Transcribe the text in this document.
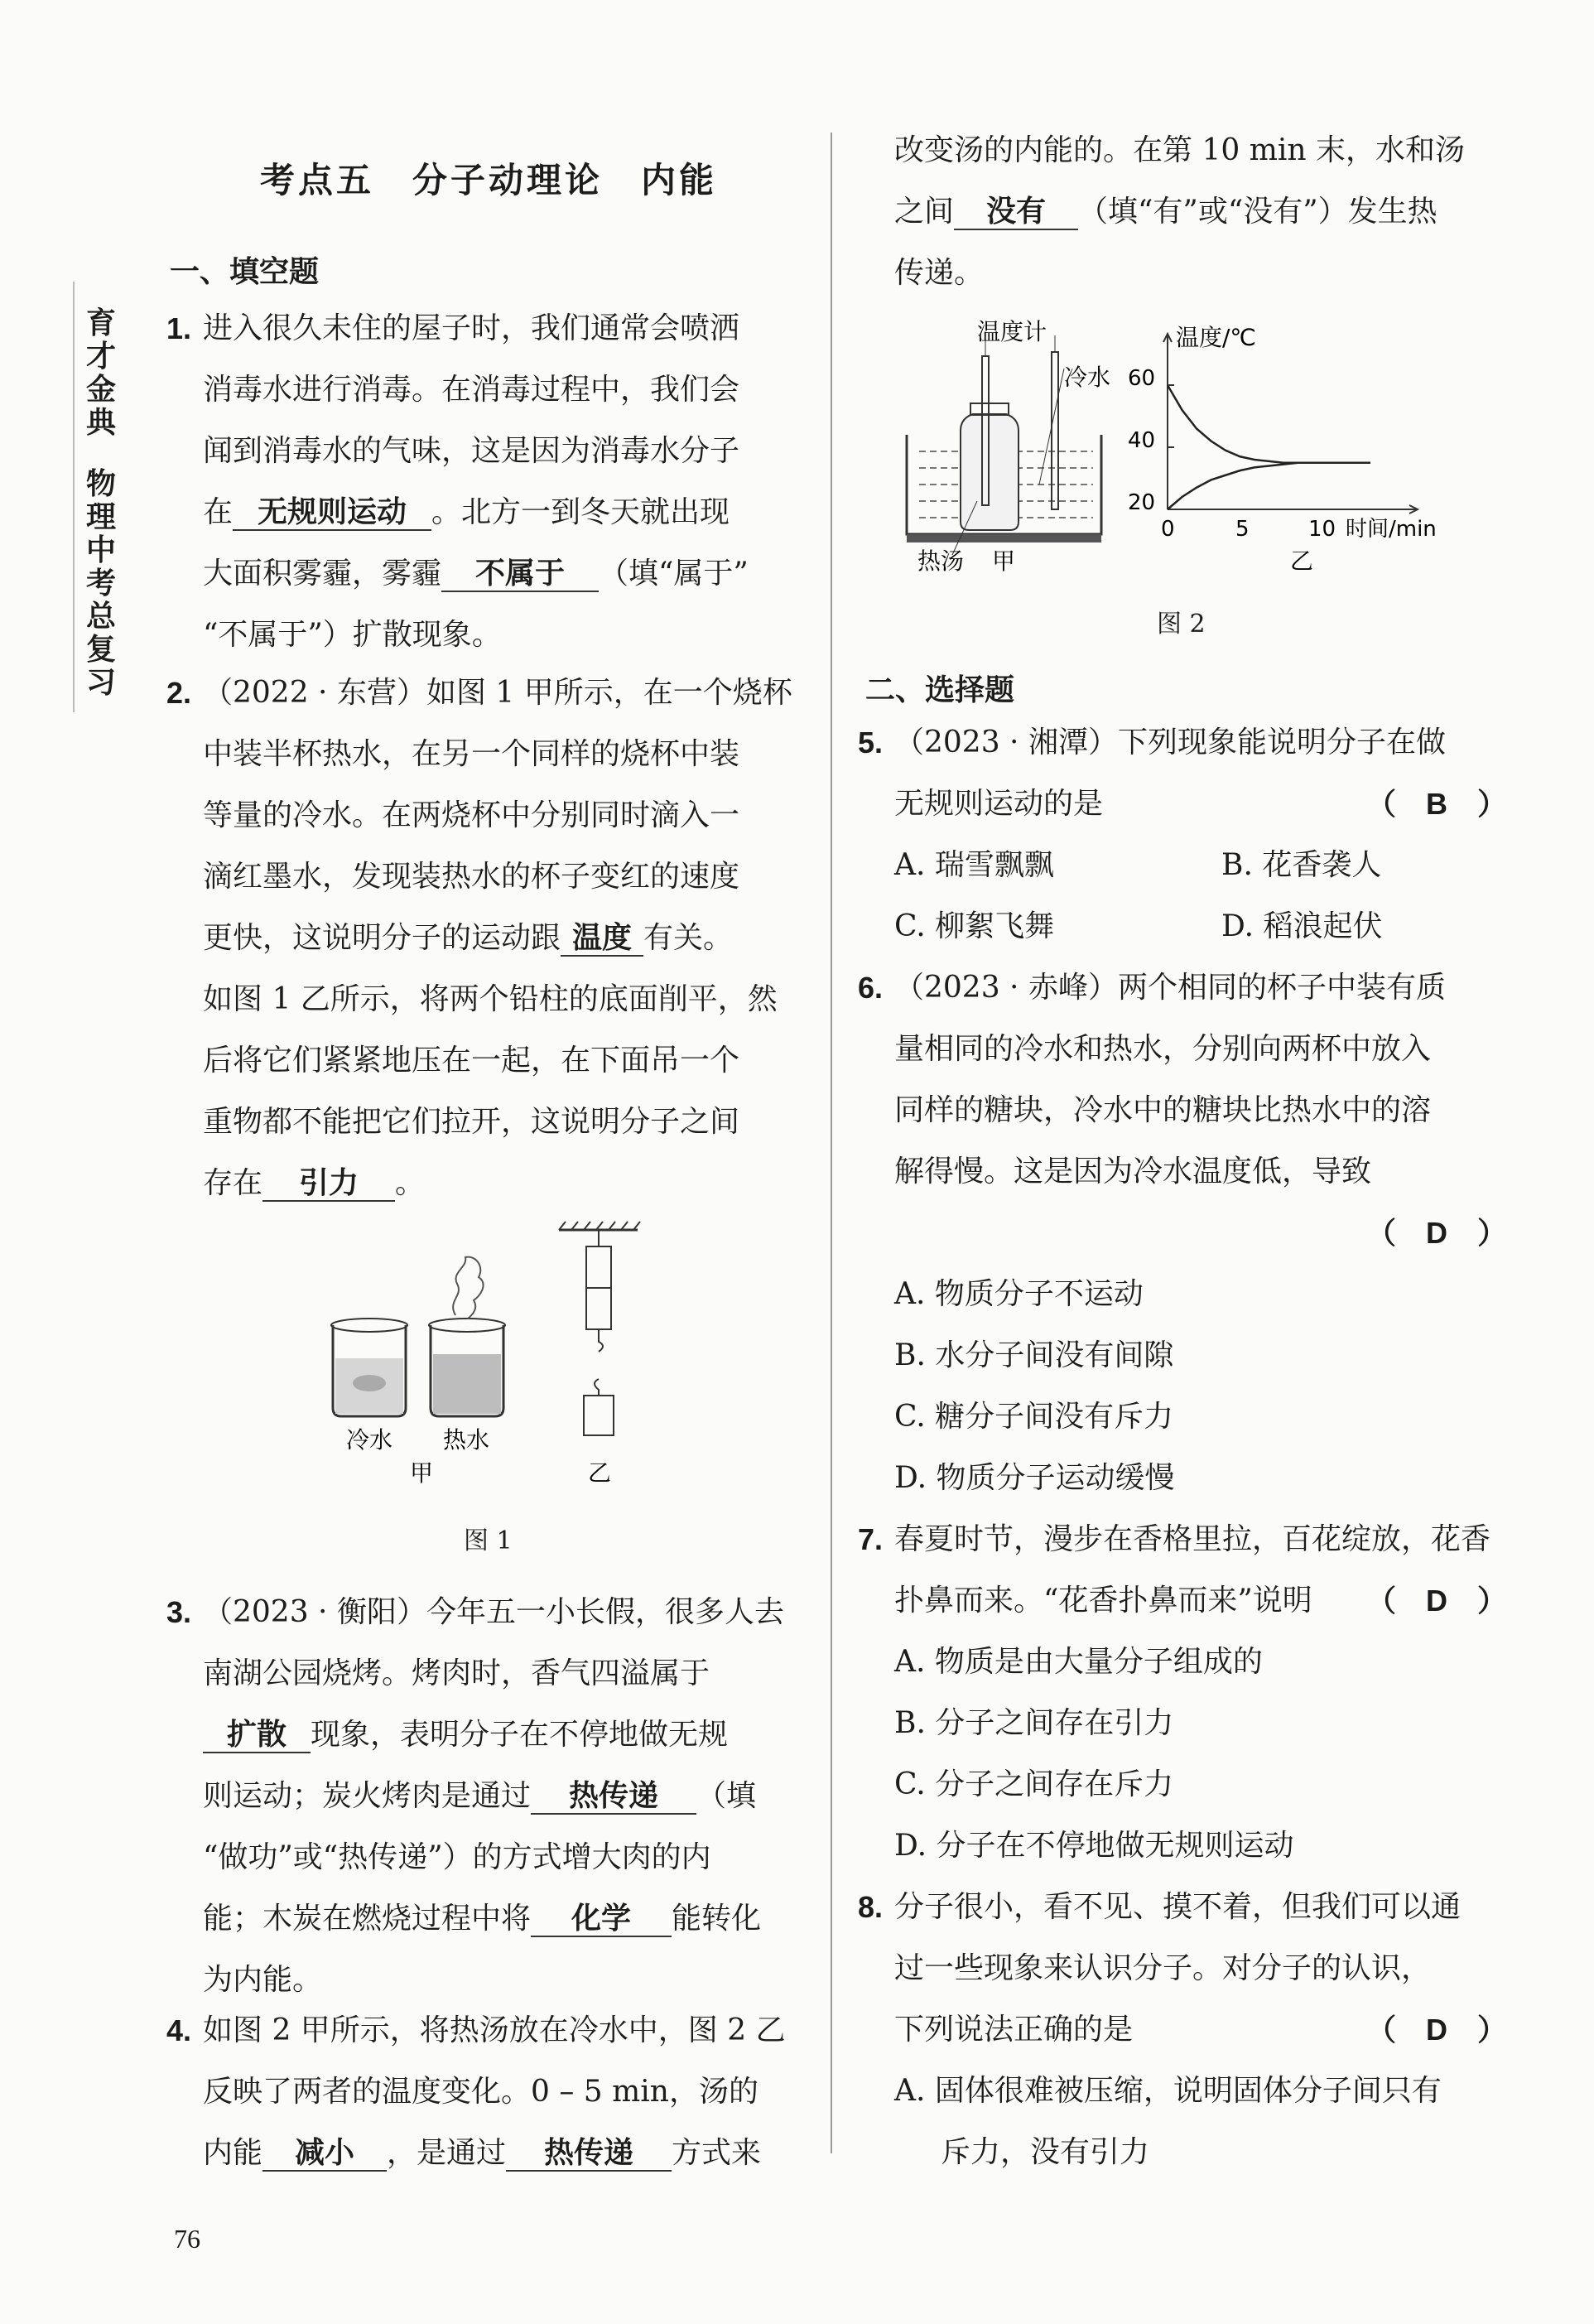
育
才
金
典
物
理
中
考
总
复
习
考点五　分子动理论　内能
一、填空题
1. 进入很久未住的屋子时，我们通常会喷洒
消毒水进行消毒。在消毒过程中，我们会
闻到消毒水的气味，这是因为消毒水分子
在 无规则运动 。北方一到冬天就出现
大面积雾霾，雾霾 不属于 （填“属于”
“不属于”）扩散现象。
2. （2022 · 东营）如图 1 甲所示，在一个烧杯
中装半杯热水，在另一个同样的烧杯中装
等量的冷水。在两烧杯中分别同时滴入一
滴红墨水，发现装热水的杯子变红的速度
更快，这说明分子的运动跟 温度 有关。
如图 1 乙所示，将两个铅柱的底面削平，然
后将它们紧紧地压在一起，在下面吊一个
重物都不能把它们拉开，这说明分子之间
存在 引力 。
冷水 热水
甲	乙
图 1
3. （2023 · 衡阳）今年五一小长假，很多人去
南湖公园烧烤。烤肉时，香气四溢属于
扩散 现象，表明分子在不停地做无规
则运动；炭火烤肉是通过 热传递 （填
“做功”或“热传递”）的方式增大肉的内
能；木炭在燃烧过程中将 化学 能转化
为内能。
4. 如图 2 甲所示，将热汤放在冷水中，图 2 乙
反映了两者的温度变化。0 – 5 min，汤的
内能 减小 ，是通过 热传递 方式来
76
改变汤的内能的。在第 10 min 末，水和汤
之间 没有 （填“有”或“没有”）发生热
传递。
温度计
冷水
热汤 甲
温度/℃
时间/min
60
40
20
0	5	10
乙
图 2
二、选择题
5. （2023 · 湘潭）下列现象能说明分子在做
无规则运动的是	（　B　）
A. 瑞雪飘飘	B. 花香袭人
C. 柳絮飞舞	D. 稻浪起伏
6. （2023 · 赤峰）两个相同的杯子中装有质
量相同的冷水和热水，分别向两杯中放入
同样的糖块，冷水中的糖块比热水中的溶
解得慢。这是因为冷水温度低，导致
（　D　）
A. 物质分子不运动
B. 水分子间没有间隙
C. 糖分子间没有斥力
D. 物质分子运动缓慢
7. 春夏时节，漫步在香格里拉，百花绽放，花香
扑鼻而来。“花香扑鼻而来”说明 （　D　）
A. 物质是由大量分子组成的
B. 分子之间存在引力
C. 分子之间存在斥力
D. 分子在不停地做无规则运动
8. 分子很小，看不见、摸不着，但我们可以通
过一些现象来认识分子。对分子的认识，
下列说法正确的是	（　D　）
A. 固体很难被压缩，说明固体分子间只有
斥力，没有引力
